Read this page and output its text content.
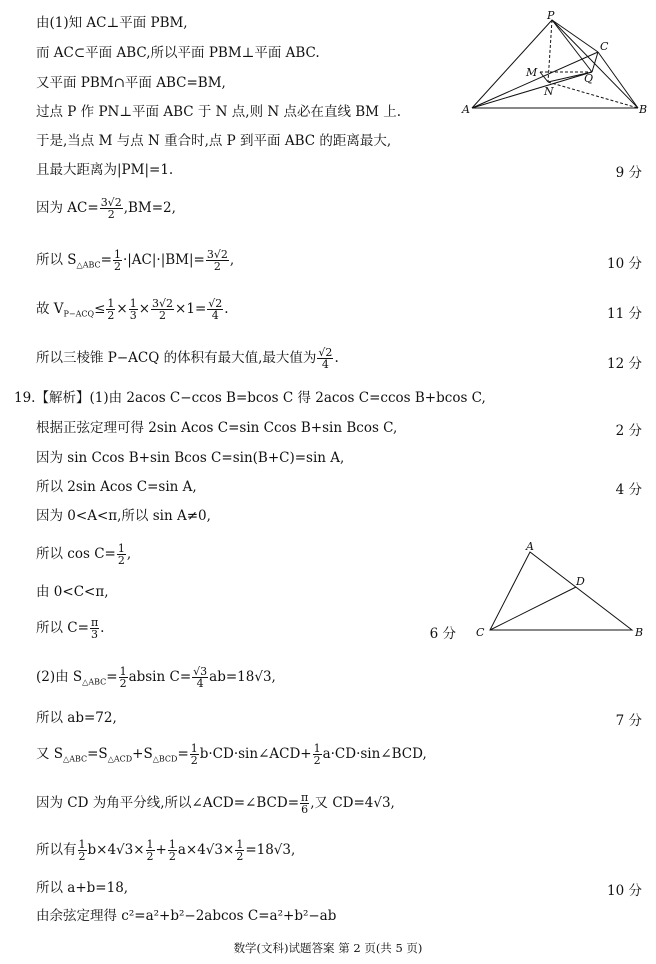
P
C
M	Q
N
A	B
A
D
C	B
由(1)知 AC⊥平面 PBM,
而 AC⊂平面 ABC,所以平面 PBM⊥平面 ABC.
又平面 PBM∩平面 ABC=BM,
过点 P 作 PN⊥平面 ABC 于 N 点,则 N 点必在直线 BM 上.
于是,当点 M 与点 N 重合时,点 P 到平面 ABC 的距离最大,
且最大距离为|PM|=1.	9 分
因为 $AC= \frac{3√2}{2} ,BM=2$,
所以 $S_{\triangle ABC}= \frac{1}{2} \cdot|AC|\cdot|BM|= \frac{3√2}{2}$ ,	10 分
故 $V_{P-ACQ}\le \frac{1}{2} \times \frac{1}{3} \times \frac{3√2}{2} \times 1= \frac{√2}{4}$ .	11 分
所以三棱锥 P−ACQ 的体积有最大值,最大值为 $\frac{√2}{4}$ .	12 分
19.【解析】(1)由 2acos C−ccos B=bcos C 得 2acos C=ccos B+bcos C,
根据正弦定理可得 2sin Acos C=sin Ccos B+sin Bcos C,	2 分
因为 sin Ccos B+sin Bcos C=sin(B+C)=sin A,
所以 2sin Acos C=sin A,	4 分
因为 0<A<π,所以 sin A≠0,
所以 $\cos C= \frac{1}{2}$ ,
由 0<C<π,
所以 $C= \frac{\pi}{3}$ .	6 分
(2)由 $S_{\triangle ABC}= \frac{1}{2}$ absin $C= \frac{√3}{4} ab=18√3$,
所以 ab=72,	7 分
又 $S_{\triangle ABC}=S_{\triangle ACD}+S_{\triangle BCD}= \frac{1}{2}$ b·CD·sin∠ACD+ $\frac{1}{2}$ a·CD·sin∠BCD,
因为 CD 为角平分线,所以∠ACD=∠BCD= $\frac{\pi}{6}$ ,又 CD=4√3,
所以有 $\frac{1}{2} b\times 4√3\times \frac{1}{2} + \frac{1}{2} a\times 4√3\times \frac{1}{2} =18√3$,
所以 a+b=18,	10 分
由余弦定理得 c²=a²+b²−2abcos C=a²+b²−ab
数学(文科)试题答案 第 2 页(共 5 页)
